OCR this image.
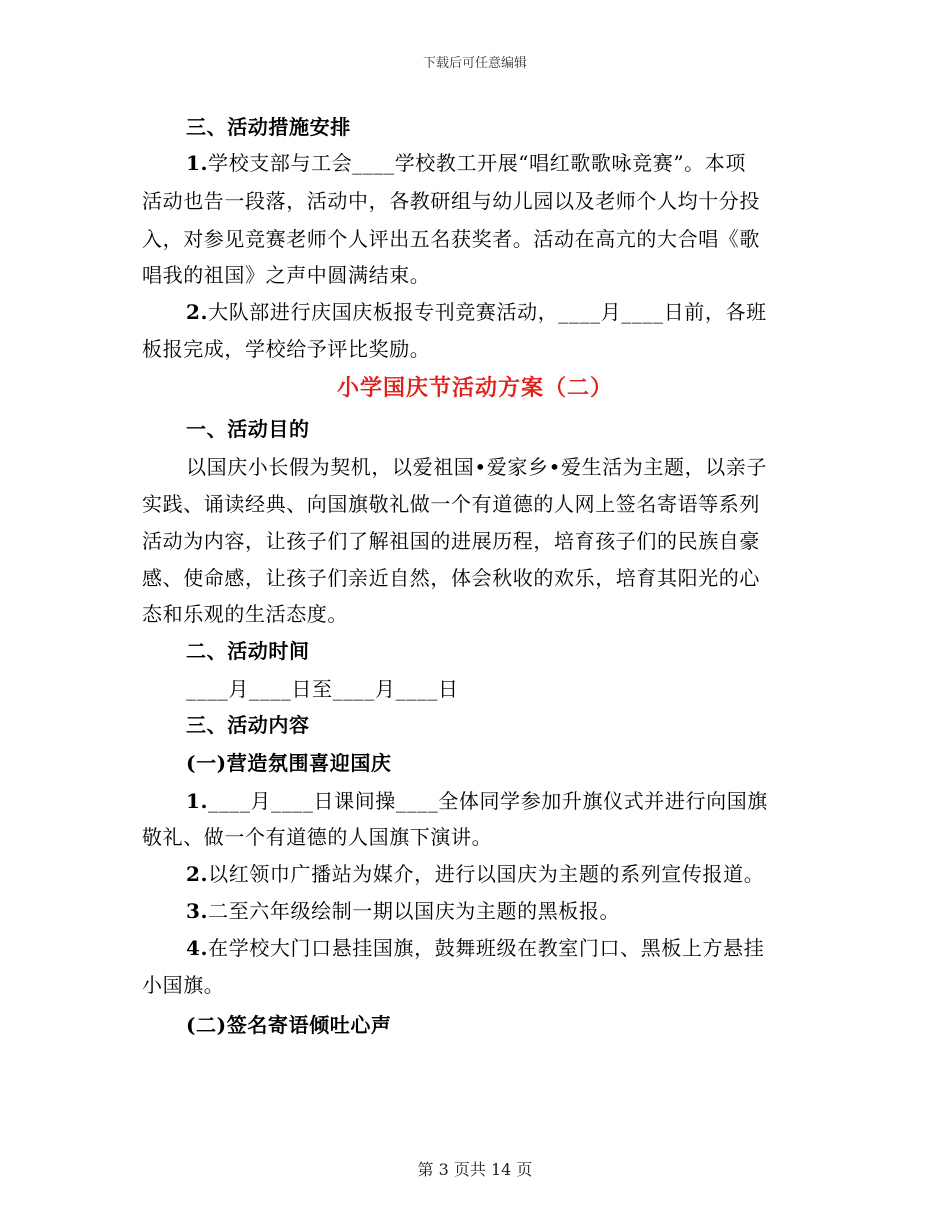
下载后可任意编辑
三、活动措施安排
1.学校支部与工会____学校教工开展“唱红歌歌咏竞赛”。本项
活动也告一段落，活动中，各教研组与幼儿园以及老师个人均十分投
入，对参见竞赛老师个人评出五名获奖者。活动在高亢的大合唱《歌
唱我的祖国》之声中圆满结束。
2.大队部进行庆国庆板报专刊竞赛活动，____月____日前，各班
板报完成，学校给予评比奖励。
小学国庆节活动方案（二）
一、活动目的
以国庆小长假为契机，以爱祖国•爱家乡•爱生活为主题，以亲子
实践、诵读经典、向国旗敬礼做一个有道德的人网上签名寄语等系列
活动为内容，让孩子们了解祖国的进展历程，培育孩子们的民族自豪
感、使命感，让孩子们亲近自然，体会秋收的欢乐，培育其阳光的心
态和乐观的生活态度。
二、活动时间
____月____日至____月____日
三、活动内容
(一)营造氛围喜迎国庆
1.____月____日课间操____全体同学参加升旗仪式并进行向国旗
敬礼、做一个有道德的人国旗下演讲。
2.以红领巾广播站为媒介，进行以国庆为主题的系列宣传报道。
3.二至六年级绘制一期以国庆为主题的黑板报。
4.在学校大门口悬挂国旗，鼓舞班级在教室门口、黑板上方悬挂
小国旗。
(二)签名寄语倾吐心声
第 3 页共 14 页
